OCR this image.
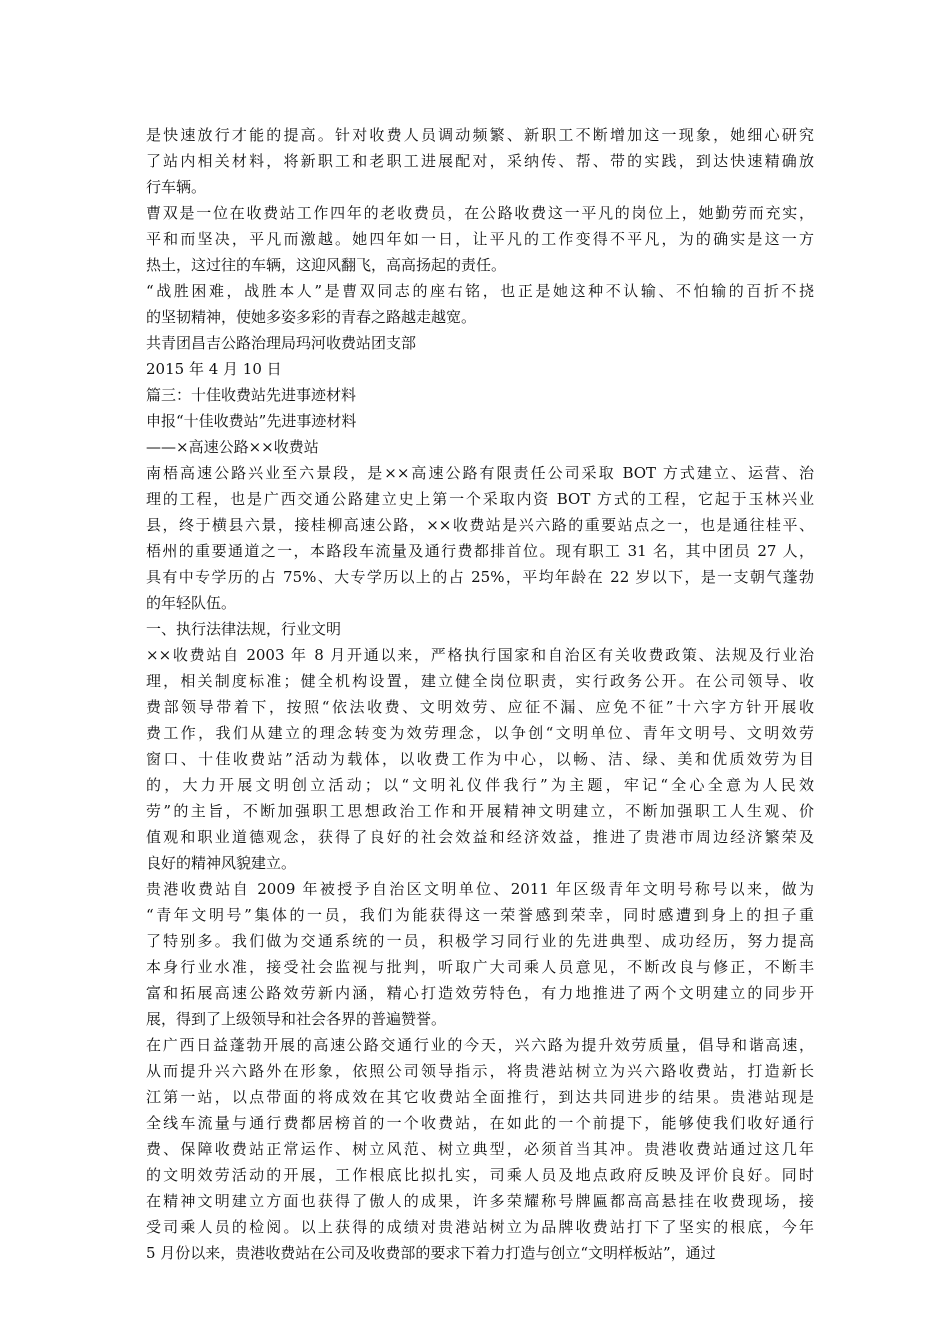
是快速放行才能的提高。针对收费人员调动频繁、新职工不断增加这一现象，她细心研究
了站内相关材料，将新职工和老职工进展配对，采纳传、帮、带的实践，到达快速精确放
行车辆。
曹双是一位在收费站工作四年的老收费员，在公路收费这一平凡的岗位上，她勤劳而充实，
平和而坚决，平凡而激越。她四年如一日，让平凡的工作变得不平凡，为的确实是这一方
热土，这过往的车辆，这迎风翻飞，高高扬起的责任。
“战胜困难，战胜本人”是曹双同志的座右铭，也正是她这种不认输、不怕输的百折不挠
的坚韧精神，使她多姿多彩的青春之路越走越宽。
共青团昌吉公路治理局玛河收费站团支部
2015 年 4 月 10 日
篇三：十佳收费站先进事迹材料
申报“十佳收费站”先进事迹材料
——×高速公路××收费站
南梧高速公路兴业至六景段，是××高速公路有限责任公司采取 BOT 方式建立、运营、治
理的工程，也是广西交通公路建立史上第一个采取内资 BOT 方式的工程，它起于玉林兴业
县，终于横县六景，接桂柳高速公路，××收费站是兴六路的重要站点之一，也是通往桂平、
梧州的重要通道之一，本路段车流量及通行费都排首位。现有职工 31 名，其中团员 27 人，
具有中专学历的占 75%、大专学历以上的占 25%，平均年龄在 22 岁以下，是一支朝气蓬勃
的年轻队伍。
一、执行法律法规，行业文明
××收费站自 2003 年 8 月开通以来，严格执行国家和自治区有关收费政策、法规及行业治
理，相关制度标准；健全机构设置，建立健全岗位职责，实行政务公开。在公司领导、收
费部领导带着下，按照“依法收费、文明效劳、应征不漏、应免不征”十六字方针开展收
费工作，我们从建立的理念转变为效劳理念，以争创“文明单位、青年文明号、文明效劳
窗口、十佳收费站”活动为载体，以收费工作为中心，以畅、洁、绿、美和优质效劳为目
的，大力开展文明创立活动；以“文明礼仪伴我行”为主题，牢记“全心全意为人民效
劳”的主旨，不断加强职工思想政治工作和开展精神文明建立，不断加强职工人生观、价
值观和职业道德观念，获得了良好的社会效益和经济效益，推进了贵港市周边经济繁荣及
良好的精神风貌建立。
贵港收费站自 2009 年被授予自治区文明单位、2011 年区级青年文明号称号以来，做为
“青年文明号”集体的一员，我们为能获得这一荣誉感到荣幸，同时感遭到身上的担子重
了特别多。我们做为交通系统的一员，积极学习同行业的先进典型、成功经历，努力提高
本身行业水准，接受社会监视与批判，听取广大司乘人员意见，不断改良与修正，不断丰
富和拓展高速公路效劳新内涵，精心打造效劳特色，有力地推进了两个文明建立的同步开
展，得到了上级领导和社会各界的普遍赞誉。
在广西日益蓬勃开展的高速公路交通行业的今天，兴六路为提升效劳质量，倡导和谐高速，
从而提升兴六路外在形象，依照公司领导指示，将贵港站树立为兴六路收费站，打造新长
江第一站，以点带面的将成效在其它收费站全面推行，到达共同进步的结果。贵港站现是
全线车流量与通行费都居榜首的一个收费站，在如此的一个前提下，能够使我们收好通行
费、保障收费站正常运作、树立风范、树立典型，必须首当其冲。贵港收费站通过这几年
的文明效劳活动的开展，工作根底比拟扎实，司乘人员及地点政府反映及评价良好。同时
在精神文明建立方面也获得了傲人的成果，许多荣耀称号牌匾都高高悬挂在收费现场，接
受司乘人员的检阅。以上获得的成绩对贵港站树立为品牌收费站打下了坚实的根底，今年
5 月份以来，贵港收费站在公司及收费部的要求下着力打造与创立“文明样板站”，通过
